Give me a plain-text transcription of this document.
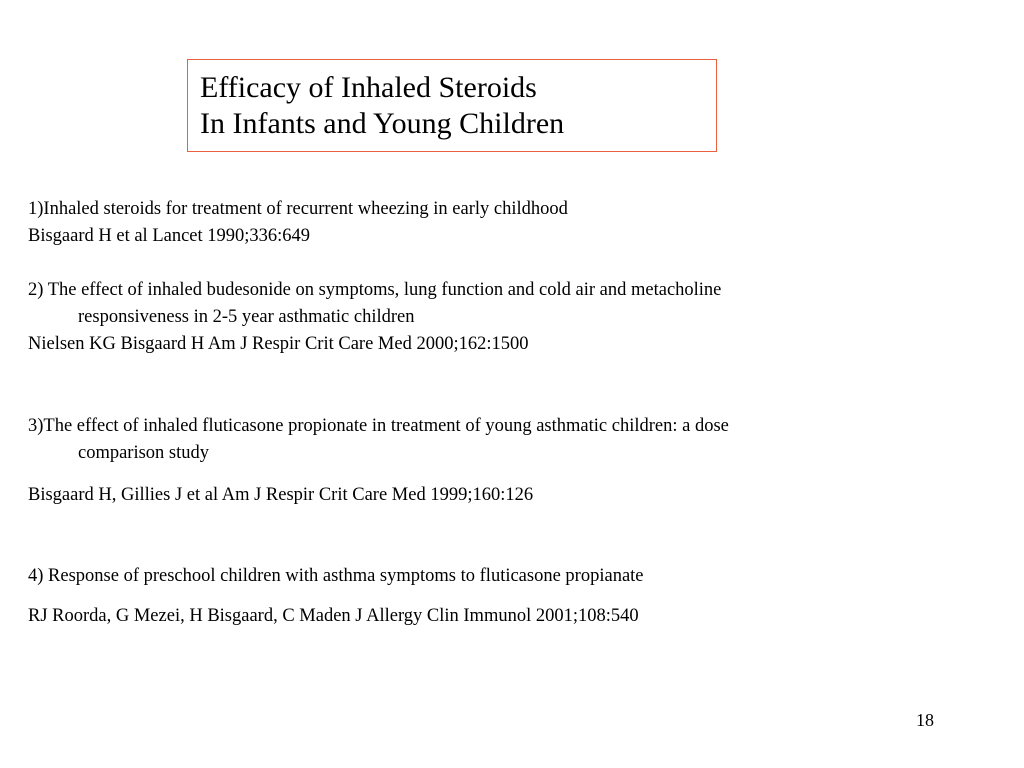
Efficacy of Inhaled Steroids
In Infants and Young Children
1)Inhaled steroids for treatment of recurrent wheezing in early childhood
Bisgaard H et al Lancet 1990;336:649
2) The effect of inhaled budesonide on symptoms, lung function and cold air and metacholine
responsiveness in 2-5 year asthmatic children
Nielsen KG Bisgaard H Am J Respir Crit Care Med 2000;162:1500
3)The effect of inhaled fluticasone propionate in treatment of young asthmatic children: a dose
comparison study
Bisgaard H, Gillies J et al Am J Respir Crit Care Med 1999;160:126
4) Response of preschool children with asthma symptoms to fluticasone propianate
RJ Roorda, G Mezei, H Bisgaard, C Maden J Allergy Clin Immunol 2001;108:540
18
